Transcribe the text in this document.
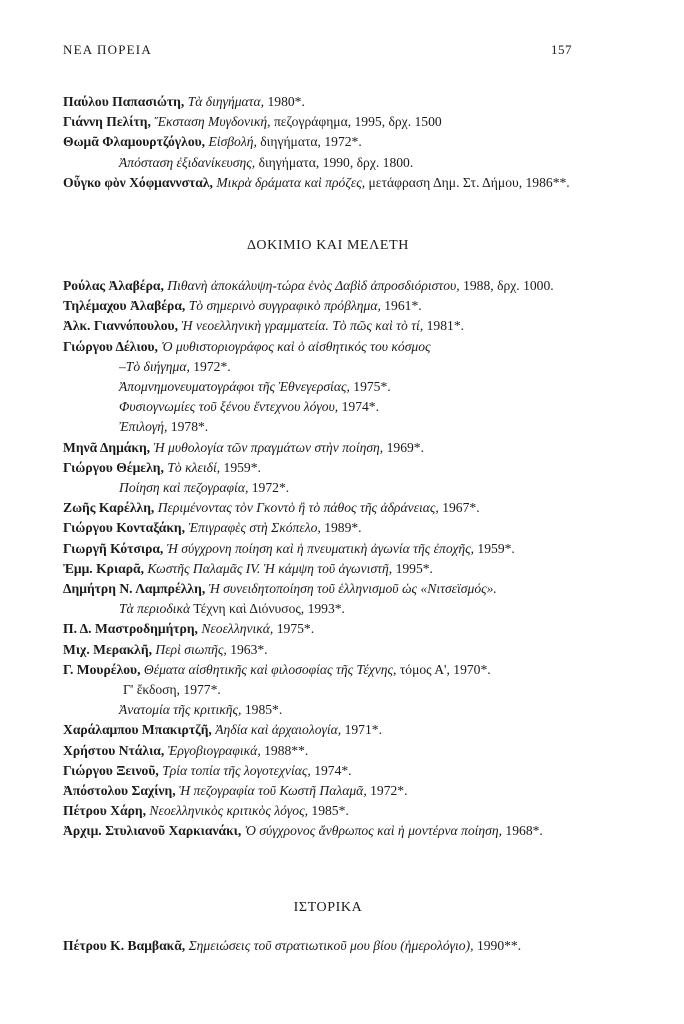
ΝΕΑ ΠΟΡΕΙΑ	157

Παύλου Παπασιώτη, Τὰ διηγήματα, 1980*.

Γιάννη Πελίτη, Ἔκσταση Μυγδονική, πεζογράφημα, 1995, δρχ. 1500

Θωμᾶ Φλαμουρτζόγλου, Εἰσβολή, διηγήματα, 1972*.

Ἀπόσταση ἐξιδανίκευσης, διηγήματα, 1990, δρχ. 1800.

Οὖγκο φὸν Χόφμαννσταλ, Μικρὰ δράματα καὶ πρόζες, μετάφραση Δημ. Στ. Δήμου, 1986**.

ΔΟΚΙΜΙΟ ΚΑΙ ΜΕΛΕΤΗ

Ρούλας Ἀλαβέρα, Πιθανὴ ἀποκάλυψη-τώρα ἑνὸς Δαβὶδ ἀπροσδιόριστου, 1988, δρχ. 1000.

Τηλέμαχου Ἀλαβέρα, Τὸ σημερινὸ συγγραφικὸ πρόβλημα, 1961*.

Ἀλκ. Γιαννόπουλου, Ἡ νεοελληνικὴ γραμματεία. Τὸ πῶς καὶ τὸ τί, 1981*.

Γιώργου Δέλιου, Ὁ μυθιστοριογράφος καὶ ὁ αἰσθητικός του κόσμος

–Τὸ διήγημα, 1972*.

Ἀπομνημονευματογράφοι τῆς Ἐθνεγερσίας, 1975*.

Φυσιογνωμίες τοῦ ξένου ἔντεχνου λόγου, 1974*.

Ἐπιλογή, 1978*.

Μηνᾶ Δημάκη, Ἡ μυθολογία τῶν πραγμάτων στὴν ποίηση, 1969*.

Γιώργου Θέμελη, Τὸ κλειδί, 1959*.

Ποίηση καὶ πεζογραφία, 1972*.

Ζωῆς Καρέλλη, Περιμένοντας τὸν Γκοντὸ ἢ τὸ πάθος τῆς ἀδράνειας, 1967*.

Γιώργου Κονταξάκη, Ἐπιγραφὲς στὴ Σκόπελο, 1989*.

Γιωργῆ Κότσιρα, Ἡ σύγχρονη ποίηση καὶ ἡ πνευματικὴ ἀγωνία τῆς ἐποχῆς, 1959*.

Ἐμμ. Κριαρᾶ, Κωστῆς Παλαμᾶς IV. Ἡ κάμψη τοῦ ἀγωνιστῆ, 1995*.

Δημήτρη Ν. Λαμπρέλλη, Ἡ συνειδητοποίηση τοῦ ἑλληνισμοῦ ὡς «Νιτσεϊσμός».

Τὰ περιοδικὰ Τέχνη καὶ Διόνυσος, 1993*.

Π. Δ. Μαστροδημήτρη, Νεοελληνικά, 1975*.

Μιχ. Μερακλῆ, Περὶ σιωπῆς, 1963*.

Γ. Μουρέλου, Θέματα αἰσθητικῆς καὶ φιλοσοφίας τῆς Τέχνης, τόμος Α', 1970*.

Γ' ἔκδοση, 1977*.

Ἀνατομία τῆς κριτικῆς, 1985*.

Χαράλαμπου Μπακιρτζῆ, Ἀηδία καὶ ἀρχαιολογία, 1971*.

Χρήστου Ντάλια, Ἐργοβιογραφικά, 1988**.

Γιώργου Ξεινοῦ, Τρία τοπία τῆς λογοτεχνίας, 1974*.

Ἀπόστολου Σαχίνη, Ἡ πεζογραφία τοῦ Κωστῆ Παλαμᾶ, 1972*.

Πέτρου Χάρη, Νεοελληνικὸς κριτικὸς λόγος, 1985*.

Ἀρχιμ. Στυλιανοῦ Χαρκιανάκι, Ὁ σύγχρονος ἄνθρωπος καὶ ἡ μοντέρνα ποίηση, 1968*.

ΙΣΤΟΡΙΚΑ

Πέτρου Κ. Βαμβακᾶ, Σημειώσεις τοῦ στρατιωτικοῦ μου βίου (ἡμερολόγιο), 1990**.
